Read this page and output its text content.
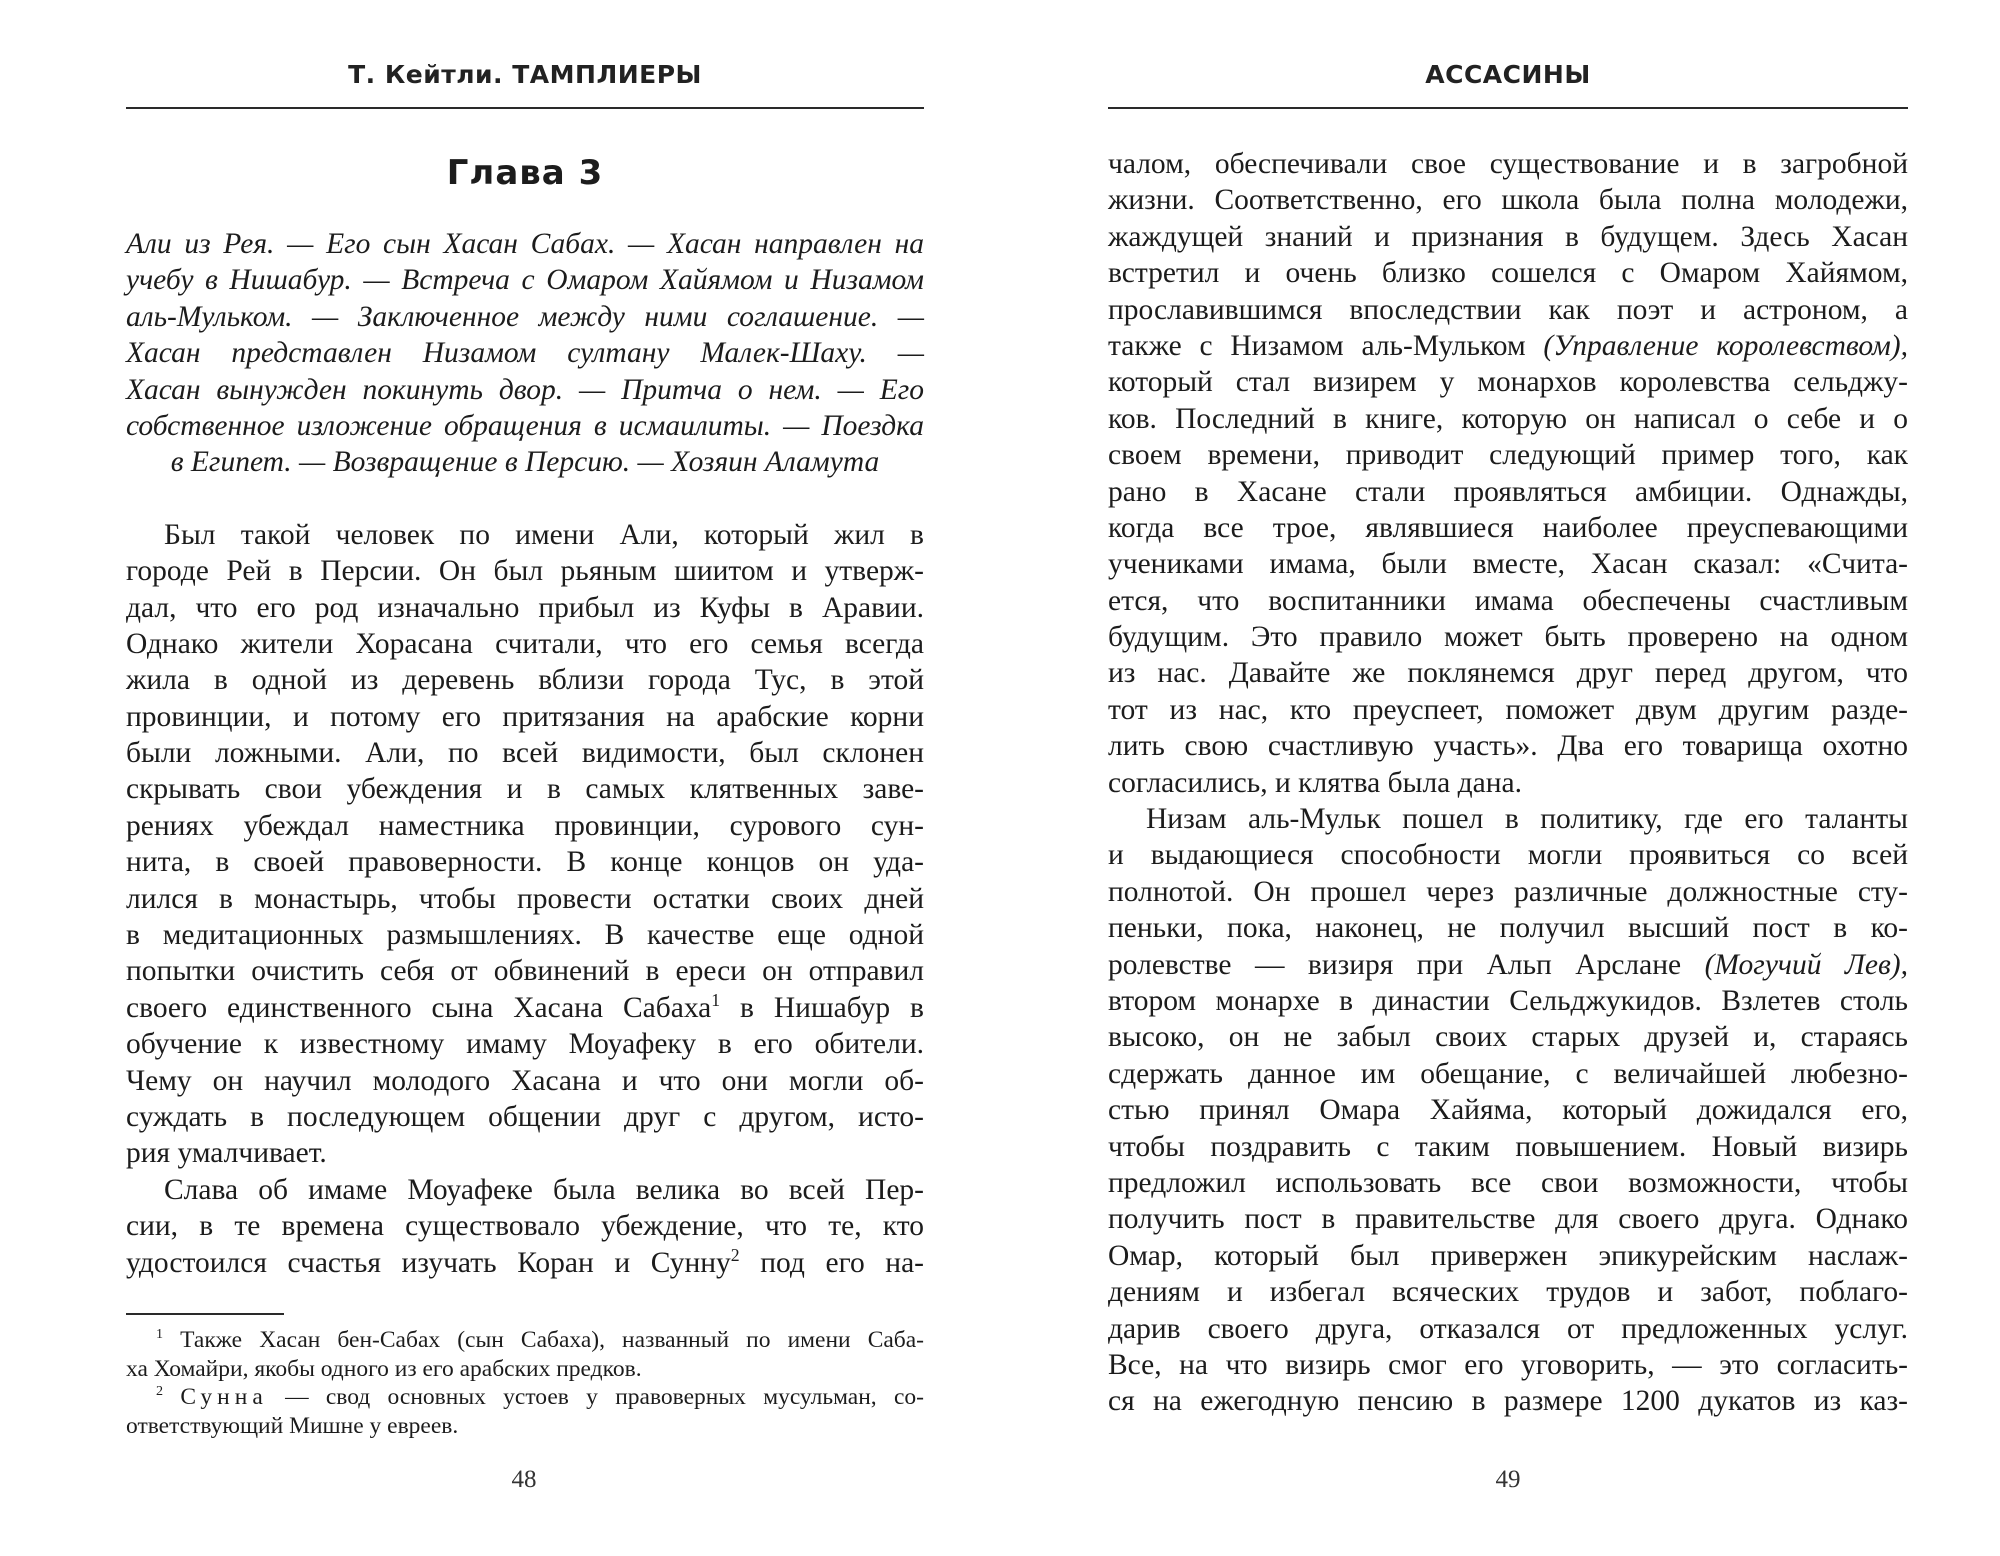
Т. Кейтли. ТАМПЛИЕРЫ
Глава 3
Али из Рея. — Его сын Хасан Сабах. — Хасан направлен на
учебу в Нишабур. — Встреча с Омаром Хайямом и Низамом
аль-Мульком. — Заключенное между ними соглашение. —
Хасан представлен Низамом султану Малек-Шаху. —
Хасан вынужден покинуть двор. — Притча о нем. — Его
собственное изложение обращения в исмаилиты. — Поездка
в Египет. — Возвращение в Персию. — Хозяин Аламута
Был такой человек по имени Али, который жил в
городе Рей в Персии. Он был рьяным шиитом и утверж-
дал, что его род изначально прибыл из Куфы в Аравии.
Однако жители Хорасана считали, что его семья всегда
жила в одной из деревень вблизи города Тус, в этой
провинции, и потому его притязания на арабские корни
были ложными. Али, по всей видимости, был склонен
скрывать свои убеждения и в самых клятвенных заве-
рениях убеждал наместника провинции, сурового сун-
нита, в своей правоверности. В конце концов он уда-
лился в монастырь, чтобы провести остатки своих дней
в медитационных размышлениях. В качестве еще одной
попытки очистить себя от обвинений в ереси он отправил
своего единственного сына Хасана Сабаха$^1$ в Нишабур в
обучение к известному имаму Моуафеку в его обители.
Чему он научил молодого Хасана и что они могли об-
суждать в последующем общении друг с другом, исто-
рия умалчивает.
Слава об имаме Моуафеке была велика во всей Пер-
сии, в те времена существовало убеждение, что те, кто
удостоился счастья изучать Коран и Сунну$^2$ под его на-
$^1$ Также Хасан бен-Сабах (сын Сабаха), названный по имени Саба-
ха Хомайри, якобы одного из его арабских предков.
$^2$ Сунна — свод основных устоев у правоверных мусульман, со-
ответствующий Мишне у евреев.
48
АССАСИНЫ
чалом, обеспечивали свое существование и в загробной
жизни. Соответственно, его школа была полна молодежи,
жаждущей знаний и признания в будущем. Здесь Хасан
встретил и очень близко сошелся с Омаром Хайямом,
прославившимся впоследствии как поэт и астроном, а
также с Низамом аль-Мульком (Управление королевством),
который стал визирем у монархов королевства сельджу-
ков. Последний в книге, которую он написал о себе и о
своем времени, приводит следующий пример того, как
рано в Хасане стали проявляться амбиции. Однажды,
когда все трое, являвшиеся наиболее преуспевающими
учениками имама, были вместе, Хасан сказал: «Счита-
ется, что воспитанники имама обеспечены счастливым
будущим. Это правило может быть проверено на одном
из нас. Давайте же поклянемся друг перед другом, что
тот из нас, кто преуспеет, поможет двум другим разде-
лить свою счастливую участь». Два его товарища охотно
согласились, и клятва была дана.
Низам аль-Мульк пошел в политику, где его таланты
и выдающиеся способности могли проявиться со всей
полнотой. Он прошел через различные должностные сту-
пеньки, пока, наконец, не получил высший пост в ко-
ролевстве — визиря при Альп Арслане (Могучий Лев),
втором монархе в династии Сельджукидов. Взлетев столь
высоко, он не забыл своих старых друзей и, стараясь
сдержать данное им обещание, с величайшей любезно-
стью принял Омара Хайяма, который дожидался его,
чтобы поздравить с таким повышением. Новый визирь
предложил использовать все свои возможности, чтобы
получить пост в правительстве для своего друга. Однако
Омар, который был привержен эпикурейским наслаж-
дениям и избегал всяческих трудов и забот, поблаго-
дарив своего друга, отказался от предложенных услуг.
Все, на что визирь смог его уговорить, — это согласить-
ся на ежегодную пенсию в размере 1200 дукатов из каз-
49
